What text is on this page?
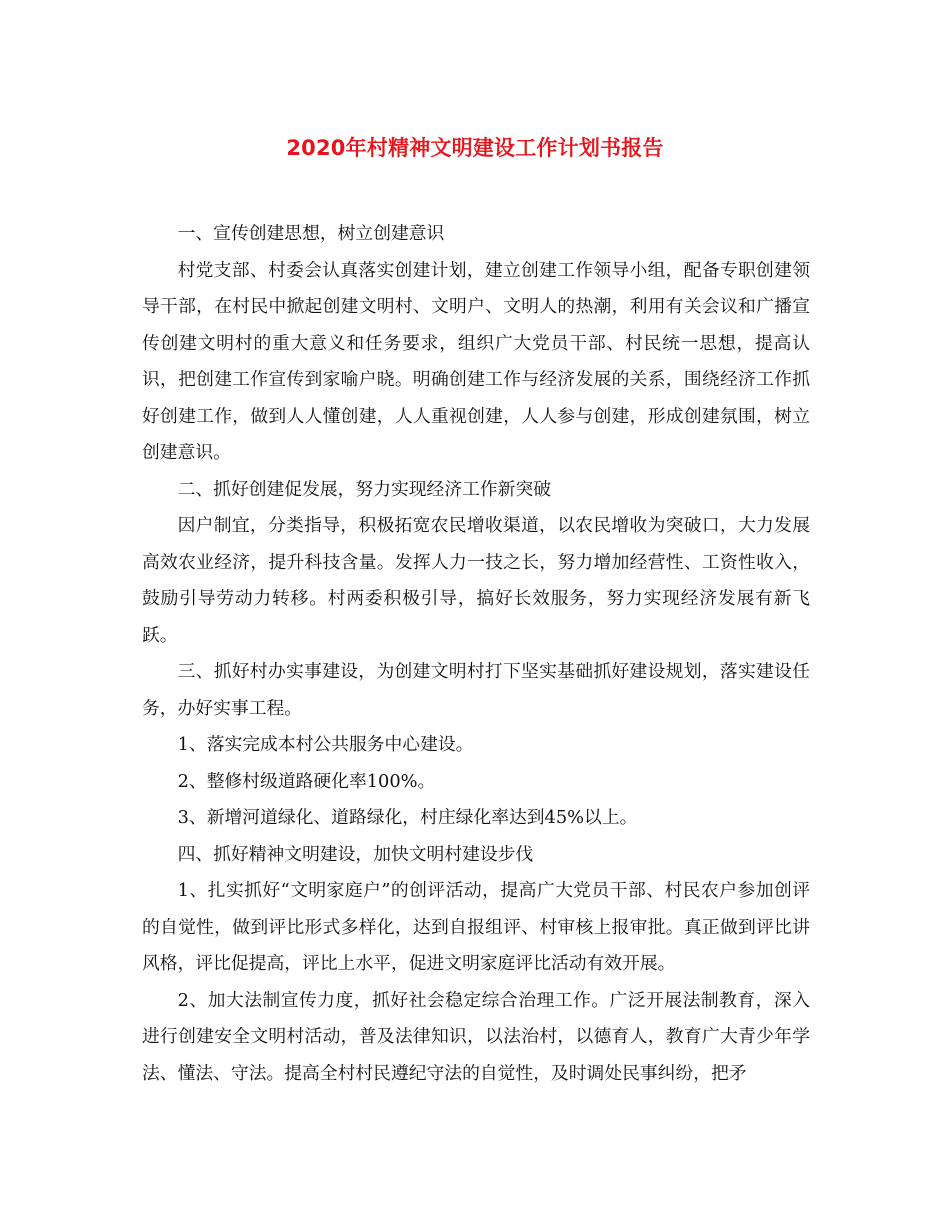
2020年村精神文明建设工作计划书报告

一、宣传创建思想，树立创建意识

村党支部、村委会认真落实创建计划，建立创建工作领导小组，配备专职创建领导干部，在村民中掀起创建文明村、文明户、文明人的热潮，利用有关会议和广播宣传创建文明村的重大意义和任务要求，组织广大党员干部、村民统一思想，提高认识，把创建工作宣传到家喻户晓。明确创建工作与经济发展的关系，围绕经济工作抓好创建工作，做到人人懂创建，人人重视创建，人人参与创建，形成创建氛围，树立创建意识。

二、抓好创建促发展，努力实现经济工作新突破

因户制宜，分类指导，积极拓宽农民增收渠道，以农民增收为突破口，大力发展高效农业经济，提升科技含量。发挥人力一技之长，努力增加经营性、工资性收入，鼓励引导劳动力转移。村两委积极引导，搞好长效服务，努力实现经济发展有新飞跃。

三、抓好村办实事建设，为创建文明村打下坚实基础抓好建设规划，落实建设任务，办好实事工程。

1、落实完成本村公共服务中心建设。

2、整修村级道路硬化率100%。

3、新增河道绿化、道路绿化，村庄绿化率达到45%以上。

四、抓好精神文明建设，加快文明村建设步伐

1、扎实抓好“文明家庭户”的创评活动，提高广大党员干部、村民农户参加创评的自觉性，做到评比形式多样化，达到自报组评、村审核上报审批。真正做到评比讲风格，评比促提高，评比上水平，促进文明家庭评比活动有效开展。

2、加大法制宣传力度，抓好社会稳定综合治理工作。广泛开展法制教育，深入进行创建安全文明村活动，普及法律知识，以法治村，以德育人，教育广大青少年学法、懂法、守法。提高全村村民遵纪守法的自觉性，及时调处民事纠纷，把矛
